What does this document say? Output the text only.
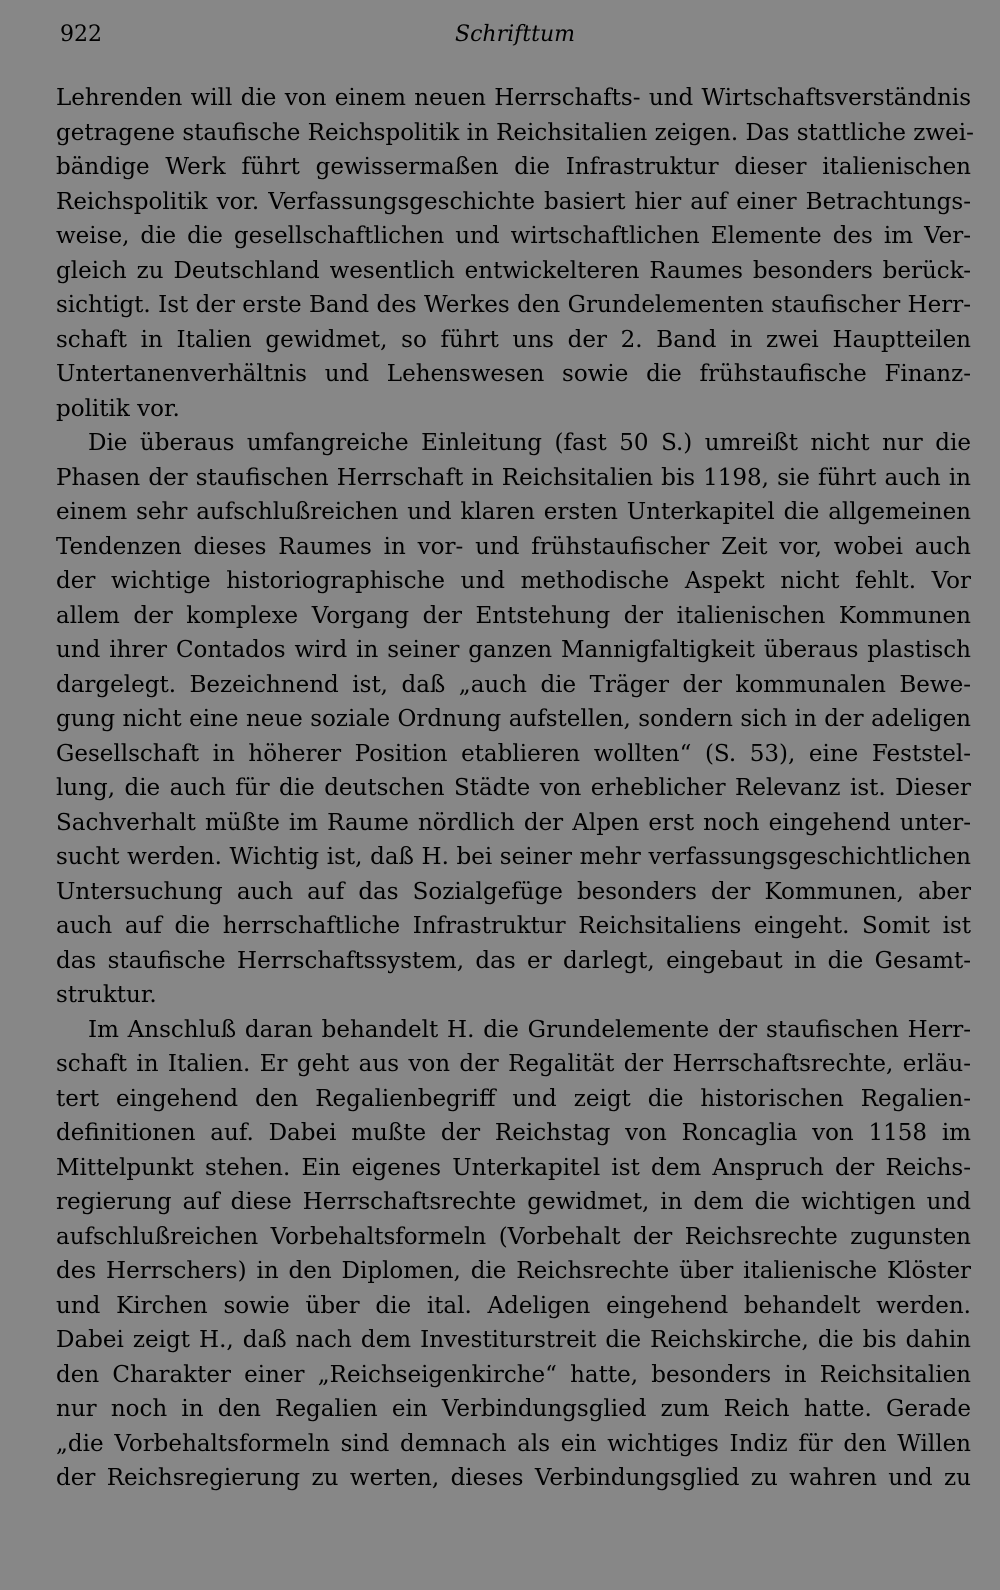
922	Schrifttum
Lehrenden will die von einem neuen Herrschafts- und Wirtschaftsverständnis
getragene staufische Reichspolitik in Reichsitalien zeigen. Das stattliche zwei-
bändige Werk führt gewissermaßen die Infrastruktur dieser italienischen
Reichspolitik vor. Verfassungsgeschichte basiert hier auf einer Betrachtungs-
weise, die die gesellschaftlichen und wirtschaftlichen Elemente des im Ver-
gleich zu Deutschland wesentlich entwickelteren Raumes besonders berück-
sichtigt. Ist der erste Band des Werkes den Grundelementen staufischer Herr-
schaft in Italien gewidmet, so führt uns der 2. Band in zwei Hauptteilen
Untertanenverhältnis und Lehenswesen sowie die frühstaufische Finanz-
politik vor.
Die überaus umfangreiche Einleitung (fast 50 S.) umreißt nicht nur die
Phasen der staufischen Herrschaft in Reichsitalien bis 1198, sie führt auch in
einem sehr aufschlußreichen und klaren ersten Unterkapitel die allgemeinen
Tendenzen dieses Raumes in vor- und frühstaufischer Zeit vor, wobei auch
der wichtige historiographische und methodische Aspekt nicht fehlt. Vor
allem der komplexe Vorgang der Entstehung der italienischen Kommunen
und ihrer Contados wird in seiner ganzen Mannigfaltigkeit überaus plastisch
dargelegt. Bezeichnend ist, daß „auch die Träger der kommunalen Bewe-
gung nicht eine neue soziale Ordnung aufstellen, sondern sich in der adeligen
Gesellschaft in höherer Position etablieren wollten“ (S. 53), eine Feststel-
lung, die auch für die deutschen Städte von erheblicher Relevanz ist. Dieser
Sachverhalt müßte im Raume nördlich der Alpen erst noch eingehend unter-
sucht werden. Wichtig ist, daß H. bei seiner mehr verfassungsgeschichtlichen
Untersuchung auch auf das Sozialgefüge besonders der Kommunen, aber
auch auf die herrschaftliche Infrastruktur Reichsitaliens eingeht. Somit ist
das staufische Herrschaftssystem, das er darlegt, eingebaut in die Gesamt-
struktur.
Im Anschluß daran behandelt H. die Grundelemente der staufischen Herr-
schaft in Italien. Er geht aus von der Regalität der Herrschaftsrechte, erläu-
tert eingehend den Regalienbegriff und zeigt die historischen Regalien-
definitionen auf. Dabei mußte der Reichstag von Roncaglia von 1158 im
Mittelpunkt stehen. Ein eigenes Unterkapitel ist dem Anspruch der Reichs-
regierung auf diese Herrschaftsrechte gewidmet, in dem die wichtigen und
aufschlußreichen Vorbehaltsformeln (Vorbehalt der Reichsrechte zugunsten
des Herrschers) in den Diplomen, die Reichsrechte über italienische Klöster
und Kirchen sowie über die ital. Adeligen eingehend behandelt werden.
Dabei zeigt H., daß nach dem Investiturstreit die Reichskirche, die bis dahin
den Charakter einer „Reichseigenkirche“ hatte, besonders in Reichsitalien
nur noch in den Regalien ein Verbindungsglied zum Reich hatte. Gerade
„die Vorbehaltsformeln sind demnach als ein wichtiges Indiz für den Willen
der Reichsregierung zu werten, dieses Verbindungsglied zu wahren und zu
